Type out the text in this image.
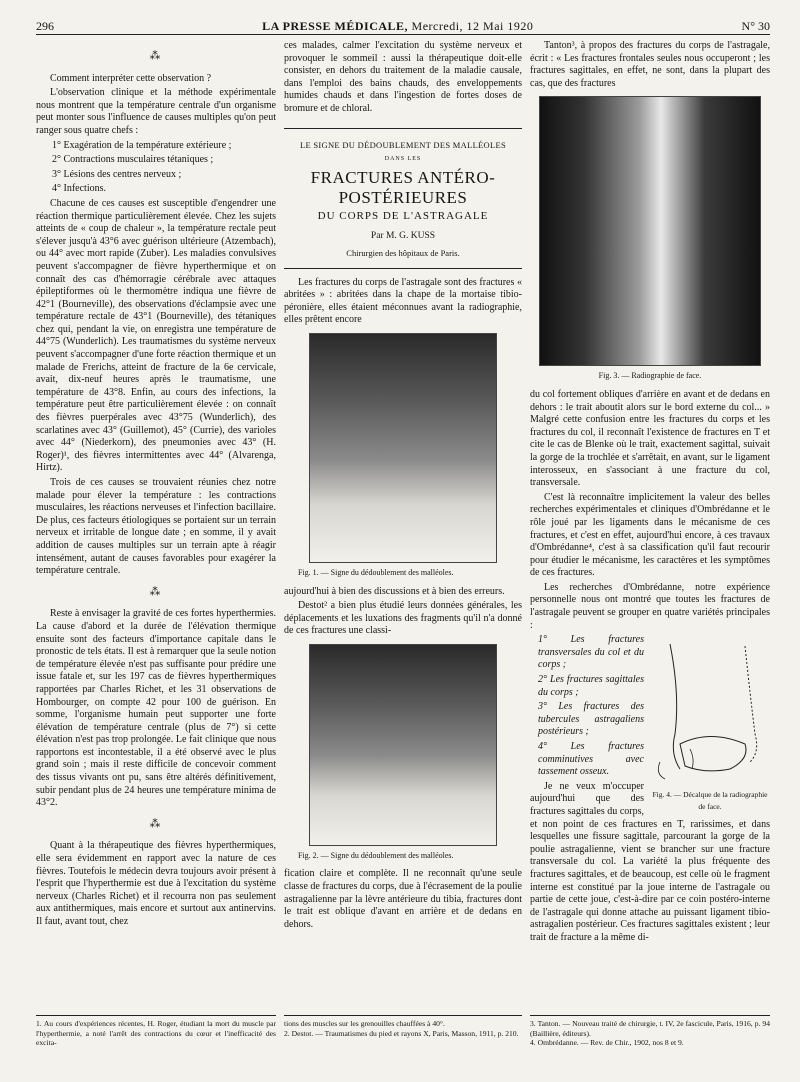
296	LA PRESSE MÉDICALE, Mercredi, 12 Mai 1920	N° 30
⁂

Comment interpréter cette observation ?

L'observation clinique et la méthode expérimentale nous montrent que la température centrale d'un organisme peut monter sous l'influence de causes multiples qu'on peut ranger sous quatre chefs :

1° Exagération de la température extérieure ;

2° Contractions musculaires tétaniques ;

3° Lésions des centres nerveux ;

4° Infections.

Chacune de ces causes est susceptible d'engendrer une réaction thermique particulièrement élevée. Chez les sujets atteints de « coup de chaleur », la température rectale peut s'élever jusqu'à 43°6 avec guérison ultérieure (Atzembach), ou 44° avec mort rapide (Zuber). Les maladies convulsives peuvent s'accompagner de fièvre hyperthermique et on connaît des cas d'hémorragie cérébrale avec attaques épileptiformes où le thermomètre indiqua une fièvre de 42°1 (Bourneville), des observations d'éclampsie avec une température rectale de 43°1 (Bourneville), des tétaniques chez qui, pendant la vie, on enregistra une température de 44°75 (Wunderlich). Les traumatismes du système nerveux peuvent s'accompagner d'une forte réaction thermique et un malade de Frerichs, atteint de fracture de la 6e cervicale, avait, dix-neuf heures après le traumatisme, une température de 43°8. Enfin, au cours des infections, la température peut être particulièrement élevée : on connaît des fièvres puerpérales avec 43°75 (Wunderlich), des scarlatines avec 43° (Guillemot), 45° (Currie), des varioles avec 44° (Niederkorn), des pneumonies avec 43° (H. Roger)¹, des fièvres intermittentes avec 44° (Alvarenga, Hirtz).

Trois de ces causes se trouvaient réunies chez notre malade pour élever la température : les contractions musculaires, les réactions nerveuses et l'infection bacillaire. De plus, ces facteurs étiologiques se portaient sur un terrain nerveux et irritable de longue date ; en somme, il y avait addition de causes multiples sur un terrain apte à réagir intensément, autant de causes favorables pour exagérer la température centrale.

⁂

Reste à envisager la gravité de ces fortes hyperthermies. La cause d'abord et la durée de l'élévation thermique ensuite sont des facteurs d'importance capitale dans le pronostic de tels états. Il est à remarquer que la seule notion de température élevée n'est pas suffisante pour prédire une issue fatale et, sur les 197 cas de fièvres hyperthermiques rapportées par Charles Richet, et les 31 observations de Hombourger, on compte 42 pour 100 de guérison. En somme, l'organisme humain peut supporter une forte élévation de température centrale (plus de 7°) si cette élévation n'est pas trop prolongée. Le fait clinique que nous rapportons est incontestable, il a été observé avec le plus grand soin ; mais il reste difficile de concevoir comment des tissus vivants ont pu, sans être altérés définitivement, subir pendant plus de 24 heures une température minima de 43°2.

⁂

Quant à la thérapeutique des fièvres hyperthermiques, elle sera évidemment en rapport avec la nature de ces fièvres. Toutefois le médecin devra toujours avoir présent à l'esprit que l'hyperthermie est due à l'excitation du système nerveux (Charles Richet) et il recourra non pas seulement aux antithermiques, mais encore et surtout aux antinervins. Il faut, avant tout, chez

ces malades, calmer l'excitation du système nerveux et provoquer le sommeil : aussi la thérapeutique doit-elle consister, en dehors du traitement de la maladie causale, dans l'emploi des bains chauds, des enveloppements humides chauds et dans l'ingestion de fortes doses de bromure et de chloral.

LE SIGNE DU DÉDOUBLEMENT DES MALLÉOLES
DANS LES
FRACTURES ANTÉRO-POSTÉRIEURES
DU CORPS DE L'ASTRAGALE
Par M. G. KUSS
Chirurgien des hôpitaux de Paris.

Les fractures du corps de l'astragale sont des fractures « abritées » : abritées dans la chape de la mortaise tibio-péronière, elles étaient méconnues avant la radiographie, elles prêtent encore

Fig. 1. — Signe du dédoublement des malléoles.

aujourd'hui à bien des discussions et à bien des erreurs.

Destot² a bien plus étudié leurs données générales, les déplacements et les luxations des fragments qu'il n'a donné de ces fractures une classi-

Fig. 2. — Signe du dédoublement des malléoles.

fication claire et complète. Il ne reconnaît qu'une seule classe de fractures du corps, due à l'écrasement de la poulie astragalienne par la lèvre antérieure du tibia, fractures dont le trait est oblique d'avant en arrière et de dedans en dehors.

Tanton³, à propos des fractures du corps de l'astragale, écrit : « Les fractures frontales seules nous occuperont ; les fractures sagittales, en effet, ne sont, dans la plupart des cas, que des fractures

Fig. 3. — Radiographie de face.

du col fortement obliques d'arrière en avant et de dedans en dehors : le trait aboutit alors sur le bord externe du col... » Malgré cette confusion entre les fractures du corps et les fractures du col, il reconnaît l'existence de fractures en T et cite le cas de Blenke où le trait, exactement sagittal, suivait la gorge de la trochlée et s'arrêtait, en avant, sur le ligament interosseux, en s'associant à une fracture du col, transversale.

C'est là reconnaître implicitement la valeur des belles recherches expérimentales et cliniques d'Ombrédanne et le rôle joué par les ligaments dans le mécanisme de ces fractures, et c'est en effet, aujourd'hui encore, à ces travaux d'Ombrédanne⁴, c'est à sa classification qu'il faut recourir pour étudier le mécanisme, les caractères et les symptômes de ces fractures.

Les recherches d'Ombrédanne, notre expérience personnelle nous ont montré que toutes les fractures de l'astragale peuvent se grouper en quatre variétés principales :

Fig. 4. — Décalque de la radiographie de face.

1° Les fractures transversales du col et du corps ;

2° Les fractures sagittales du corps ;

3° Les fractures des tubercules astragaliens postérieurs ;

4° Les fractures comminutives avec tassement osseux.

Je ne veux m'occuper aujourd'hui que des fractures sagittales du corps, et non point de ces fractures en T, rarissimes, et dans lesquelles une fissure sagittale, parcourant la gorge de la poulie astragalienne, vient se brancher sur une fracture transversale du col. La variété la plus fréquente des fractures sagittales, et de beaucoup, est celle où le fragment interne est constitué par la joue interne de l'astragale ou partie de cette joue, c'est-à-dire par ce coin postéro-interne de l'astragale qui donne attache au puissant ligament tibio-astragalien postérieur. Ces fractures sagittales existent ; leur trait de fracture a la même di-

1. Au cours d'expériences récentes, H. Roger, étudiant la mort du muscle par l'hyperthermie, a noté l'arrêt des contractions du cœur et l'inefficacité des excita-

tions des muscles sur les grenouilles chauffées à 40°.

2. Destot. — Traumatismes du pied et rayons X, Paris, Masson, 1911, p. 210.

3. Tanton. — Nouveau traité de chirurgie, t. IV, 2e fascicule, Paris, 1916, p. 94 (Baillière, éditeurs).

4. Ombrédanne. — Rev. de Chir., 1902, nos 8 et 9.
